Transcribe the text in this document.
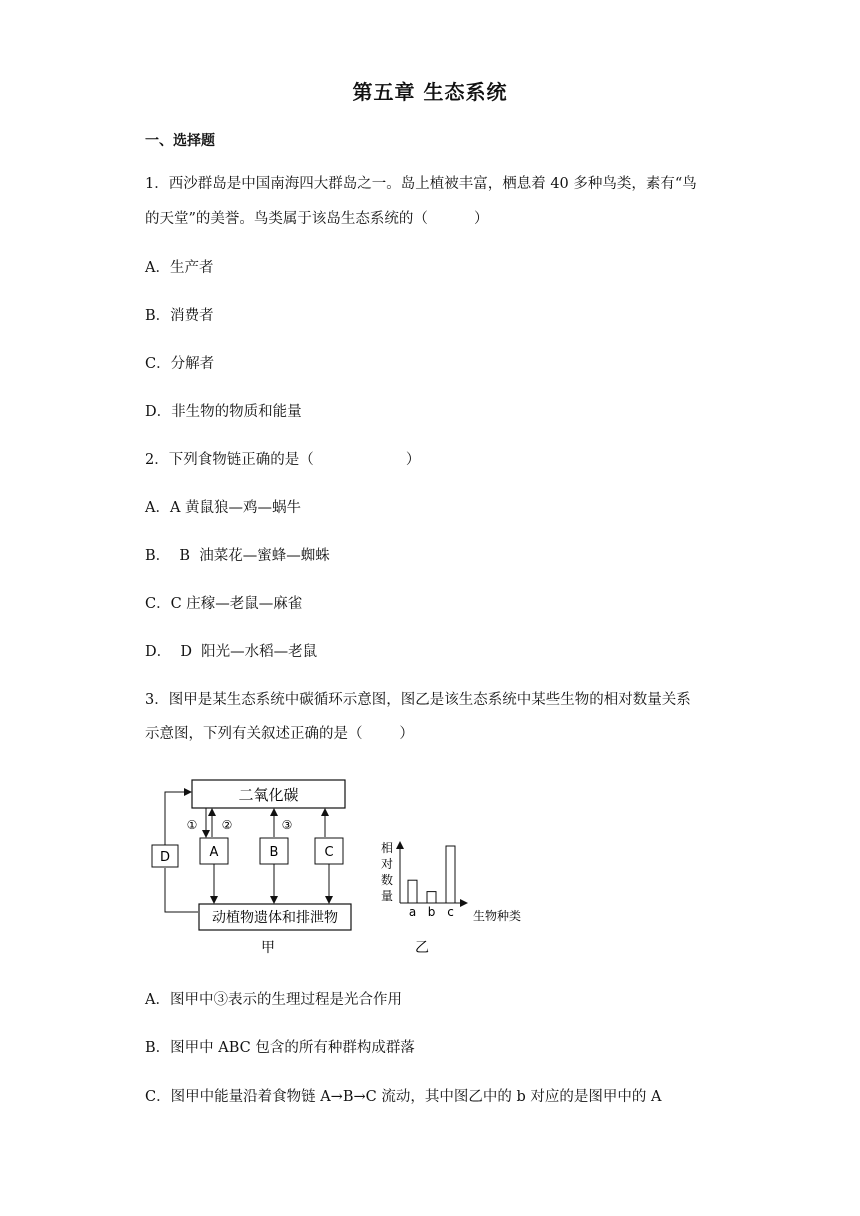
第五章 生态系统
一、选择题
1．西沙群岛是中国南海四大群岛之一。岛上植被丰富，栖息着 40 多种鸟类，素有“鸟
的天堂”的美誉。鸟类属于该岛生态系统的（          ）
A．生产者
B．消费者
C．分解者
D．非生物的物质和能量
2．下列食物链正确的是（                    ）
A．A 黄鼠狼—鸡—蜗牛
B．  B  油菜花—蜜蜂—蜘蛛
C．C 庄稼—老鼠—麻雀
D．  D  阳光—水稻—老鼠
3．图甲是某生态系统中碳循环示意图，图乙是该生态系统中某些生物的相对数量关系
示意图，下列有关叙述正确的是（        ）
二氧化碳
动植物遗体和排泄物
A	B	C
D
① ②	③
甲
相
对
数
量
生物种类
乙
a b c
A．图甲中③表示的生理过程是光合作用
B．图甲中 ABC 包含的所有种群构成群落
C．图甲中能量沿着食物链 A→B→C 流动，其中图乙中的 b 对应的是图甲中的 A
